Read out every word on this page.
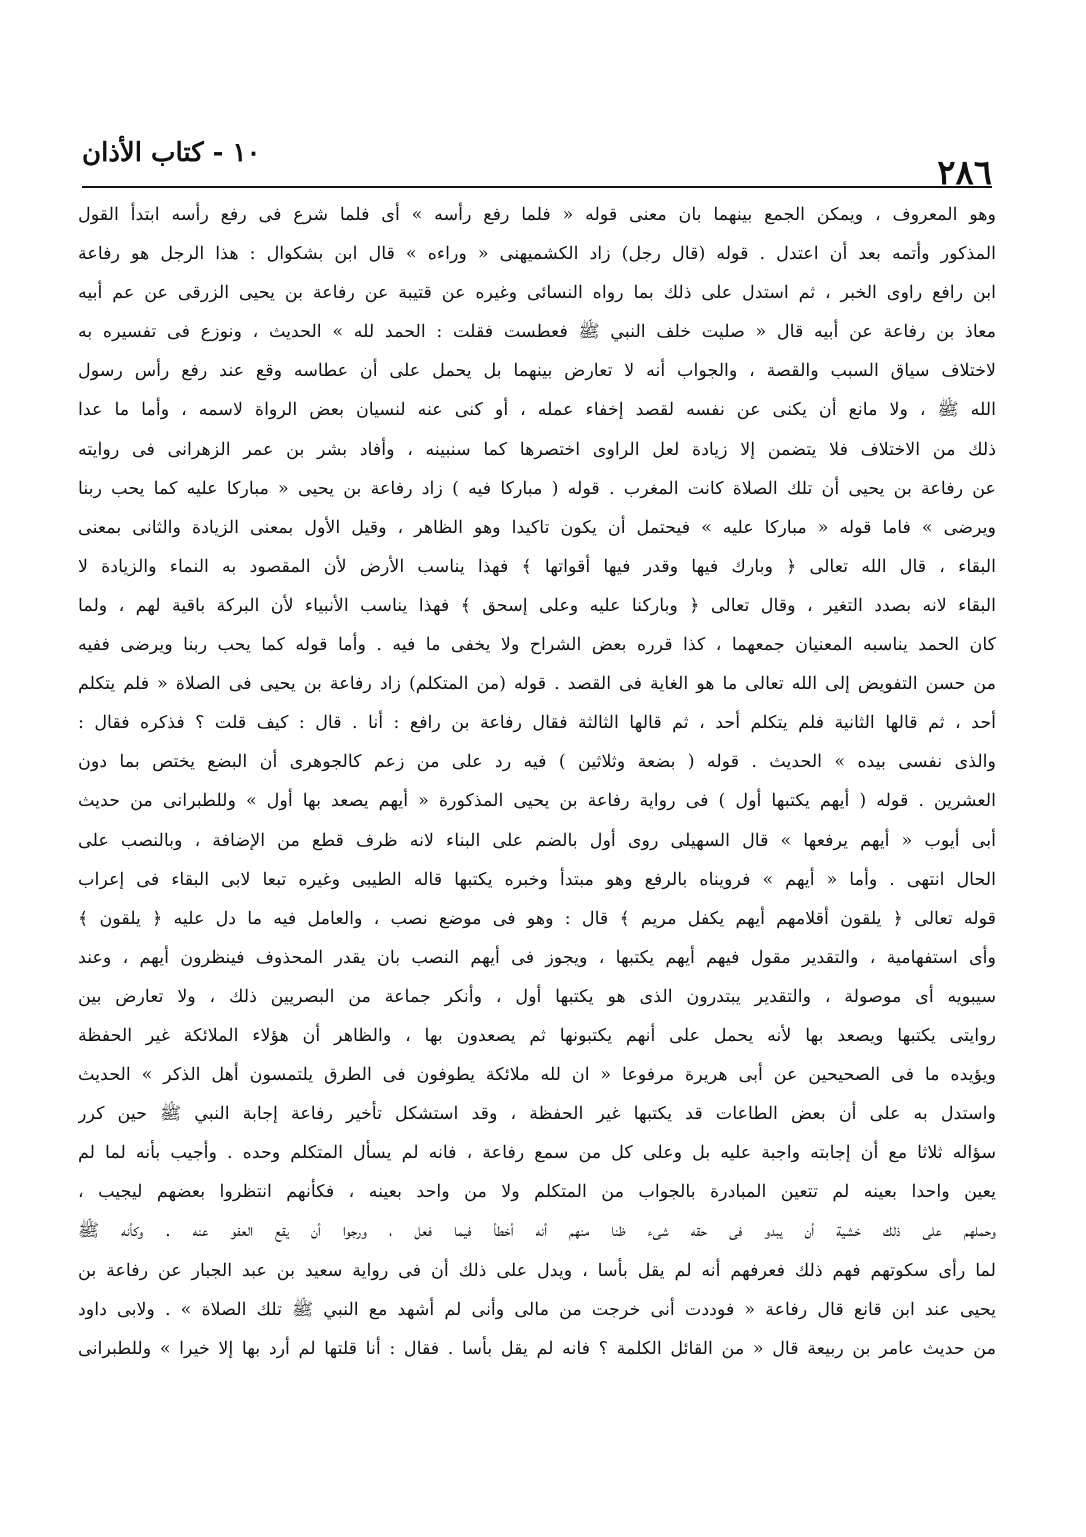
٢٨٦
١٠ - كتاب الأذان
وهو المعروف ، ويمكن الجمع بينهما بان معنى قوله « فلما رفع رأسه » أى فلما شرع فى رفع رأسه ابتدأ القول
المذكور وأتمه بعد أن اعتدل . قوله (قال رجل) زاد الكشميهنى « وراءه » قال ابن بشكوال : هذا الرجل هو رفاعة
ابن رافع راوى الخبر ، ثم استدل على ذلك بما رواه النسائى وغيره عن قتيبة عن رفاعة بن يحيى الزرقى عن عم أبيه
معاذ بن رفاعة عن أبيه قال « صليت خلف النبي ﷺ فعطست فقلت : الحمد لله » الحديث ، ونوزع فى تفسيره به
لاختلاف سياق السبب والقصة ، والجواب أنه لا تعارض بينهما بل يحمل على أن عطاسه وقع عند رفع رأس رسول
الله ﷺ ، ولا مانع أن يكنى عن نفسه لقصد إخفاء عمله ، أو كنى عنه لنسيان بعض الرواة لاسمه ، وأما ما عدا
ذلك من الاختلاف فلا يتضمن إلا زيادة لعل الراوى اختصرها كما سنبينه ، وأفاد بشر بن عمر الزهرانى فى روايته
عن رفاعة بن يحيى أن تلك الصلاة كانت المغرب . قوله ( مباركا فيه ) زاد رفاعة بن يحيى « مباركا عليه كما يحب ربنا
ويرضى » فاما قوله « مباركا عليه » فيحتمل أن يكون تاكيدا وهو الظاهر ، وقيل الأول بمعنى الزيادة والثانى بمعنى
البقاء ، قال الله تعالى ﴿ وبارك فيها وقدر فيها أقواتها ﴾ فهذا يناسب الأرض لأن المقصود به النماء والزيادة لا
البقاء لانه بصدد التغير ، وقال تعالى ﴿ وباركنا عليه وعلى إسحق ﴾ فهذا يناسب الأنبياء لأن البركة باقية لهم ، ولما
كان الحمد يناسبه المعنيان جمعهما ، كذا قرره بعض الشراح ولا يخفى ما فيه . وأما قوله كما يحب ربنا ويرضى ففيه
من حسن التفويض إلى الله تعالى ما هو الغاية فى القصد . قوله (من المتكلم) زاد رفاعة بن يحيى فى الصلاة « فلم يتكلم
أحد ، ثم قالها الثانية فلم يتكلم أحد ، ثم قالها الثالثة فقال رفاعة بن رافع : أنا . قال : كيف قلت ؟ فذكره فقال :
والذى نفسى بيده » الحديث . قوله ( بضعة وثلاثين ) فيه رد على من زعم كالجوهرى أن البضع يختص بما دون
العشرين . قوله ( أيهم يكتبها أول ) فى رواية رفاعة بن يحيى المذكورة « أيهم يصعد بها أول » وللطبرانى من حديث
أبى أيوب « أيهم يرفعها » قال السهيلى روى أول بالضم على البناء لانه ظرف قطع من الإضافة ، وبالنصب على
الحال انتهى . وأما « أيهم » فرويناه بالرفع وهو مبتدأ وخبره يكتبها قاله الطيبى وغيره تبعا لابى البقاء فى إعراب
قوله تعالى ﴿ يلقون أقلامهم أيهم يكفل مريم ﴾ قال : وهو فى موضع نصب ، والعامل فيه ما دل عليه ﴿ يلقون ﴾
وأى استفهامية ، والتقدير مقول فيهم أيهم يكتبها ، ويجوز فى أيهم النصب بان يقدر المحذوف فينظرون أيهم ، وعند
سيبويه أى موصولة ، والتقدير يبتدرون الذى هو يكتبها أول ، وأنكر جماعة من البصريين ذلك ، ولا تعارض بين
روايتى يكتبها ويصعد بها لأنه يحمل على أنهم يكتبونها ثم يصعدون بها ، والظاهر أن هؤلاء الملائكة غير الحفظة
ويؤيده ما فى الصحيحين عن أبى هريرة مرفوعا « ان لله ملائكة يطوفون فى الطرق يلتمسون أهل الذكر » الحديث
واستدل به على أن بعض الطاعات قد يكتبها غير الحفظة ، وقد استشكل تأخير رفاعة إجابة النبي ﷺ حين كرر
سؤاله ثلاثا مع أن إجابته واجبة عليه بل وعلى كل من سمع رفاعة ، فانه لم يسأل المتكلم وحده . وأجيب بأنه لما لم
يعين واحدا بعينه لم تتعين المبادرة بالجواب من المتكلم ولا من واحد بعينه ، فكأنهم انتظروا بعضهم ليجيب ،
وحملهم على ذلك خشية أن يبدو فى حقه شىء ظنا منهم أنه أخطأ فيما فعل ، ورجوا أن يقع العفو عنه . وكأنه ﷺ
لما رأى سكوتهم فهم ذلك فعرفهم أنه لم يقل بأسا ، ويدل على ذلك أن فى رواية سعيد بن عبد الجبار عن رفاعة بن
يحيى عند ابن قانع قال رفاعة « فوددت أنى خرجت من مالى وأنى لم أشهد مع النبي ﷺ تلك الصلاة » . ولابى داود
من حديث عامر بن ربيعة قال « من القائل الكلمة ؟ فانه لم يقل بأسا . فقال : أنا قلتها لم أرد بها إلا خيرا » وللطبرانى
